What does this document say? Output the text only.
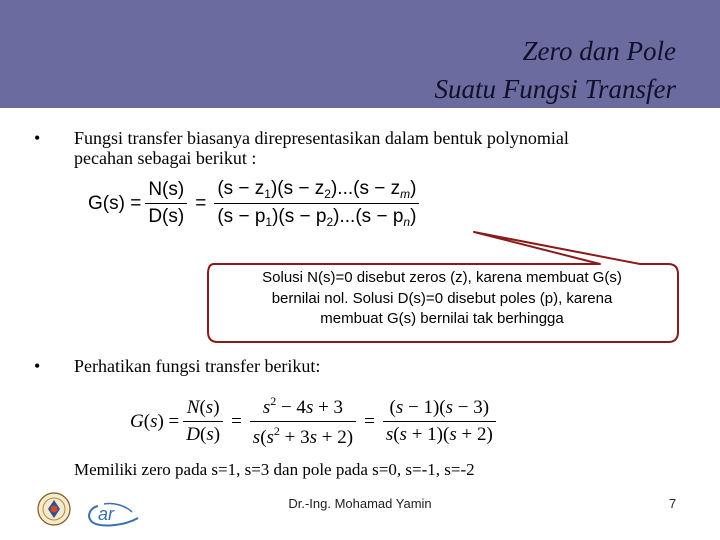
Zero dan Pole
Suatu Fungsi Transfer
• Fungsi transfer biasanya direpresentasikan dalam bentuk polynomial
pecahan sebagai berikut :
$G(s) = \frac{N(s)}{D(s)} = \frac{(s - z_1)(s - z_2)...(s - z_m)}{(s - p_1)(s - p_2)...(s - p_n)}$
Solusi N(s)=0 disebut zeros (z), karena membuat G(s)
bernilai nol. Solusi D(s)=0 disebut poles (p), karena
membuat G(s) bernilai tak berhingga
• Perhatikan fungsi transfer berikut:
G ( s ) = $\frac{N(s)}{D(s)} = \frac{s^2 - 4s + 3}{s(s^2 + 3s + 2)} = \frac{(s - 1)(s - 3)}{s(s + 1)(s + 2)}$
Memiliki zero pada s=1, s=3 dan pole pada s=0, s=-1, s=-2
Dr.-Ing. Mohamad Yamin	7
ar
